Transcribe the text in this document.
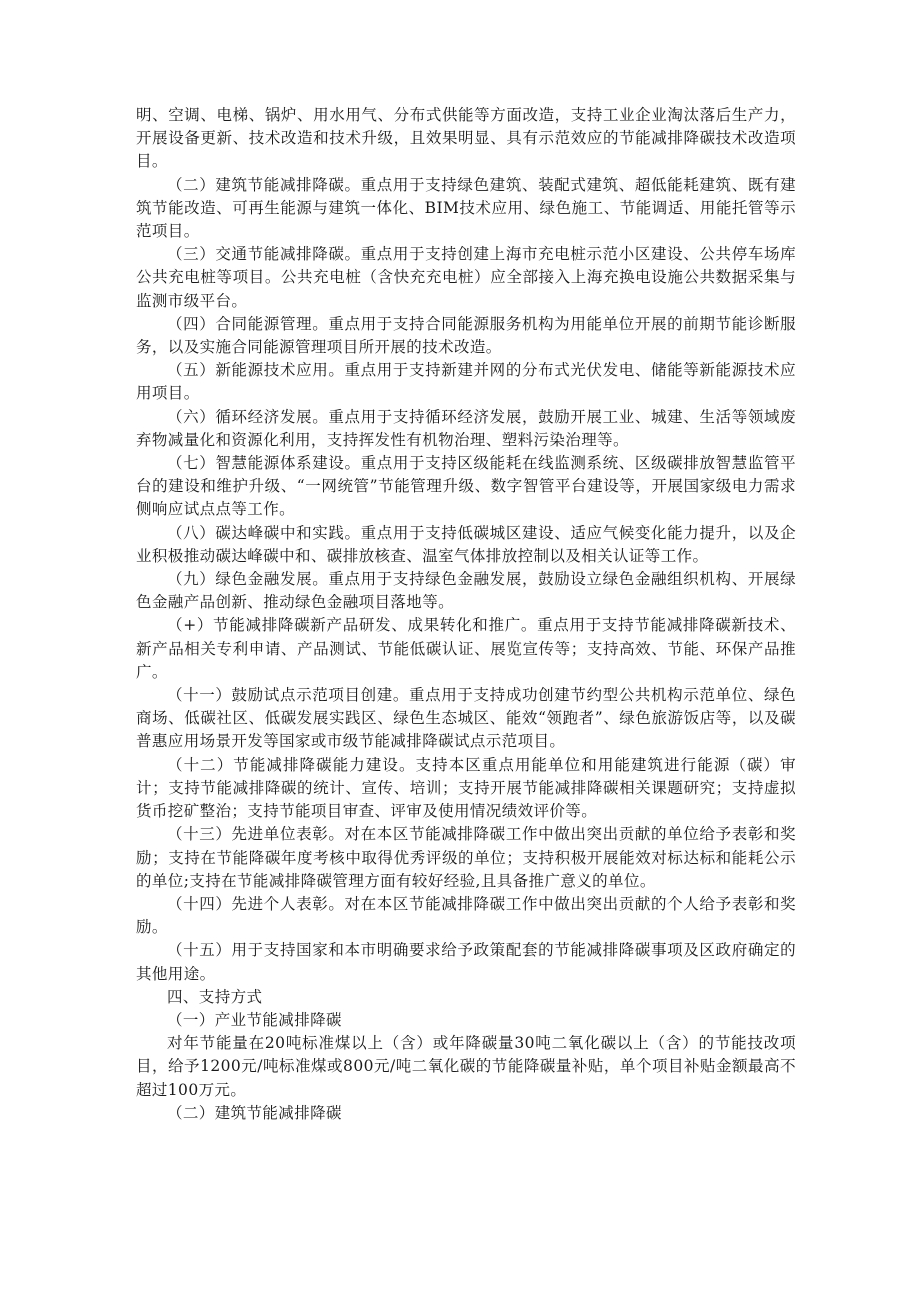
明、空调、电梯、锅炉、用水用气、分布式供能等方面改造，支持工业企业淘汰落后生产力，开展设备更新、技术改造和技术升级，且效果明显、具有示范效应的节能减排降碳技术改造项目。

（二）建筑节能减排降碳。重点用于支持绿色建筑、装配式建筑、超低能耗建筑、既有建筑节能改造、可再生能源与建筑一体化、BIM技术应用、绿色施工、节能调适、用能托管等示范项目。

（三）交通节能减排降碳。重点用于支持创建上海市充电桩示范小区建设、公共停车场库公共充电桩等项目。公共充电桩（含快充充电桩）应全部接入上海充换电设施公共数据采集与监测市级平台。

（四）合同能源管理。重点用于支持合同能源服务机构为用能单位开展的前期节能诊断服务，以及实施合同能源管理项目所开展的技术改造。

（五）新能源技术应用。重点用于支持新建并网的分布式光伏发电、储能等新能源技术应用项目。

（六）循环经济发展。重点用于支持循环经济发展，鼓励开展工业、城建、生活等领域废弃物减量化和资源化利用，支持挥发性有机物治理、塑料污染治理等。

（七）智慧能源体系建设。重点用于支持区级能耗在线监测系统、区级碳排放智慧监管平台的建设和维护升级、“一网统管”节能管理升级、数字智管平台建设等，开展国家级电力需求侧响应试点点等工作。

（八）碳达峰碳中和实践。重点用于支持低碳城区建设、适应气候变化能力提升，以及企业积极推动碳达峰碳中和、碳排放核查、温室气体排放控制以及相关认证等工作。

（九）绿色金融发展。重点用于支持绿色金融发展，鼓励设立绿色金融组织机构、开展绿色金融产品创新、推动绿色金融项目落地等。

（+）节能减排降碳新产品研发、成果转化和推广。重点用于支持节能减排降碳新技术、新产品相关专利申请、产品测试、节能低碳认证、展览宣传等；支持高效、节能、环保产品推广。

（十一）鼓励试点示范项目创建。重点用于支持成功创建节约型公共机构示范单位、绿色商场、低碳社区、低碳发展实践区、绿色生态城区、能效“领跑者”、绿色旅游饭店等，以及碳普惠应用场景开发等国家或市级节能减排降碳试点示范项目。

（十二）节能减排降碳能力建设。支持本区重点用能单位和用能建筑进行能源（碳）审计；支持节能减排降碳的统计、宣传、培训；支持开展节能减排降碳相关课题研究；支持虚拟货币挖矿整治；支持节能项目审查、评审及使用情况绩效评价等。

（十三）先进单位表彰。对在本区节能减排降碳工作中做出突出贡献的单位给予表彰和奖励；支持在节能降碳年度考核中取得优秀评级的单位；支持积极开展能效对标达标和能耗公示的单位;支持在节能减排降碳管理方面有较好经验,且具备推广意义的单位。

（十四）先进个人表彰。对在本区节能减排降碳工作中做出突出贡献的个人给予表彰和奖励。

（十五）用于支持国家和本市明确要求给予政策配套的节能减排降碳事项及区政府确定的其他用途。

四、支持方式

（一）产业节能减排降碳

对年节能量在20吨标准煤以上（含）或年降碳量30吨二氧化碳以上（含）的节能技改项目，给予1200元/吨标准煤或800元/吨二氧化碳的节能降碳量补贴，单个项目补贴金额最高不超过100万元。

（二）建筑节能减排降碳
